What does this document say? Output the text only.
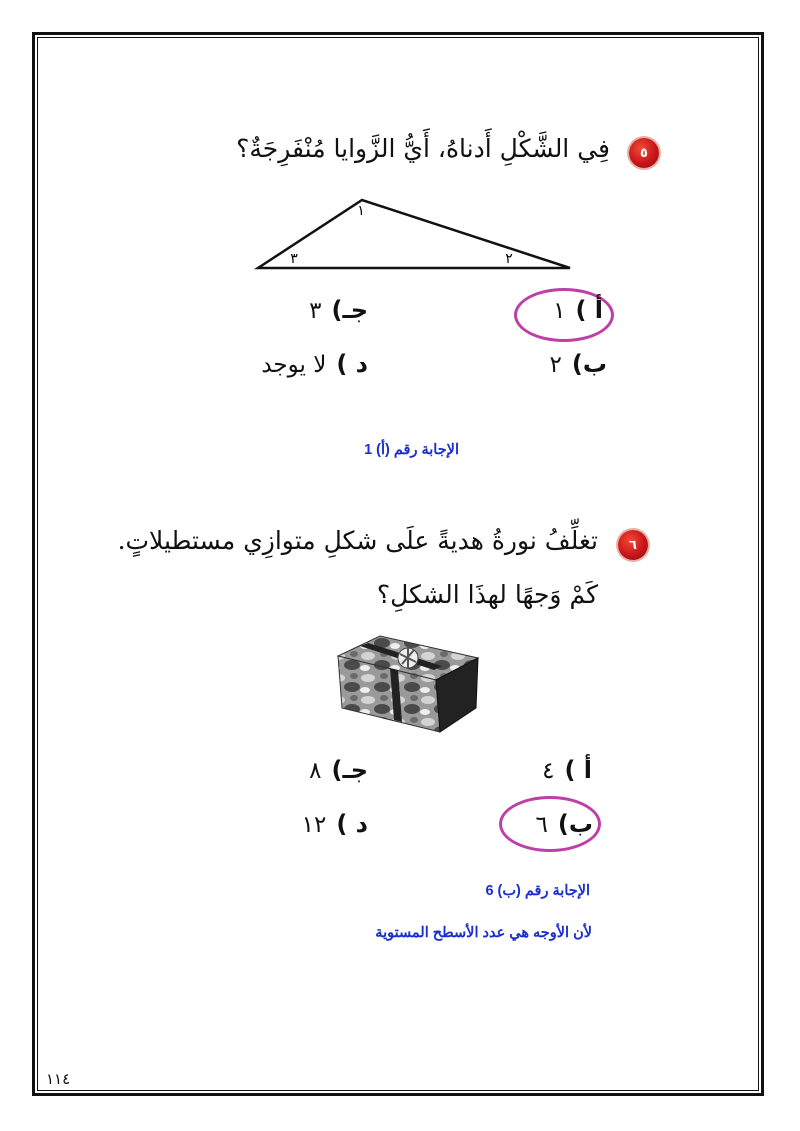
٥
فِي الشَّكْلِ أَدناهُ، أَيُّ الزَّوايا مُنْفَرِجَةٌ؟
١
٢
٣
أ )
١
ب)
٢
جـ)
٣
د )
لا يوجد
الإجابة رقم (أ) 1
٦
تغلِّفُ نورةُ هديةً علَى شكلِ متوازِي مستطيلاتٍ.
كَمْ وَجهًا لهذَا الشكلِ؟
أ )
٤
ب)
٦
جـ)
٨
د )
١٢
الإجابة رقم (ب) 6
لأن الأوجه هي عدد الأسطح المستوية
١١٤
